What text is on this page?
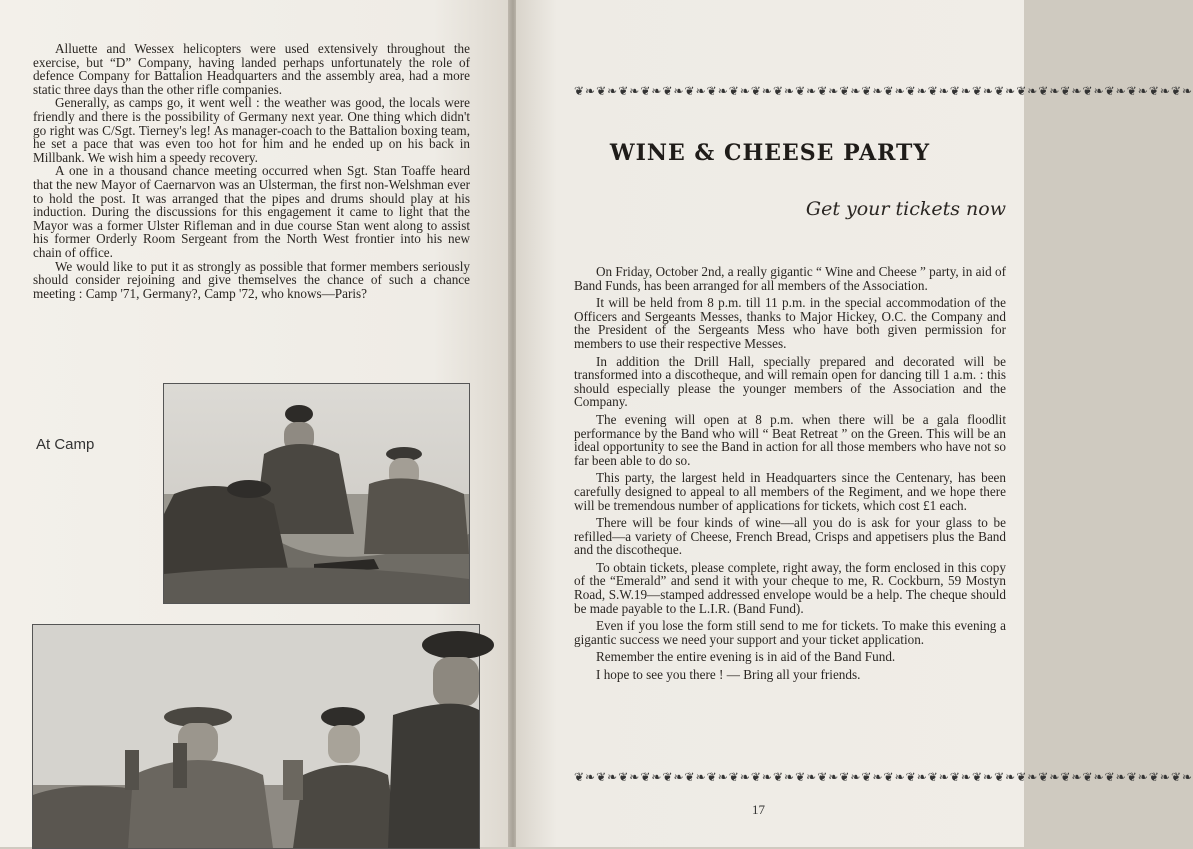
Alluette and Wessex helicopters were used extensively throughout the exercise, but “D” Company, having landed perhaps unfortunately the role of defence Company for Battalion Headquarters and the assembly area, had a more static three days than the other rifle companies.

Generally, as camps go, it went well : the weather was good, the locals were friendly and there is the possibility of Germany next year. One thing which didn't go right was C/Sgt. Tierney's leg! As manager-coach to the Battalion boxing team, he set a pace that was even too hot for him and he ended up on his back in Millbank. We wish him a speedy recovery.

A one in a thousand chance meeting occurred when Sgt. Stan Toaffe heard that the new Mayor of Caernarvon was an Ulsterman, the first non-Welshman ever to hold the post. It was arranged that the pipes and drums should play at his induction. During the discussions for this engagement it came to light that the Mayor was a former Ulster Rifleman and in due course Stan went along to assist his former Orderly Room Sergeant from the North West frontier into his new chain of office.

We would like to put it as strongly as possible that former members seriously should consider rejoining and give themselves the chance of such a chance meeting : Camp '71, Germany?, Camp '72, who knows—Paris?

At Camp

On Friday, October 2nd, a really gigantic “ Wine and Cheese ” party, in aid of Band Funds, has been arranged for all members of the Association.

It will be held from 8 p.m. till 11 p.m. in the special accommodation of the Officers and Sergeants Messes, thanks to Major Hickey, O.C. the Company and the President of the Sergeants Mess who have both given permission for members to use their respective Messes.

In addition the Drill Hall, specially prepared and decorated will be transformed into a discotheque, and will remain open for dancing till 1 a.m. : this should especially please the younger members of the Association and the Company.

The evening will open at 8 p.m. when there will be a gala floodlit performance by the Band who will “ Beat Retreat ” on the Green. This will be an ideal opportunity to see the Band in action for all those members who have not so far been able to do so.

This party, the largest held in Headquarters since the Centenary, has been carefully designed to appeal to all members of the Regiment, and we hope there will be tremendous number of applications for tickets, which cost £1 each.

There will be four kinds of wine—all you do is ask for your glass to be refilled—a variety of Cheese, French Bread, Crisps and appetisers plus the Band and the discotheque.

To obtain tickets, please complete, right away, the form enclosed in this copy of the “Emerald” and send it with your cheque to me, R. Cockburn, 59 Mostyn Road, S.W.19—stamped addressed envelope would be a help. The cheque should be made payable to the L.I.R. (Band Fund).

Even if you lose the form still send to me for tickets. To make this evening a gigantic success we need your support and your ticket application.

Remember the entire evening is in aid of the Band Fund.

I hope to see you there ! — Bring all your friends.

❦❧❦❧❦❧❦❧❦❧❦❧❦❧❦❧❦❧❦❧❦❧❦❧❦❧❦❧❦❧❦❧❦❧❦❧❦❧❦❧❦❧❦❧❦❧❦❧❦❧❦❧❦❧❦❧
WINE & CHEESE PARTY
Get your tickets now
❦❧❦❧❦❧❦❧❦❧❦❧❦❧❦❧❦❧❦❧❦❧❦❧❦❧❦❧❦❧❦❧❦❧❦❧❦❧❦❧❦❧❦❧❦❧❦❧❦❧❦❧❦❧❦❧
17
